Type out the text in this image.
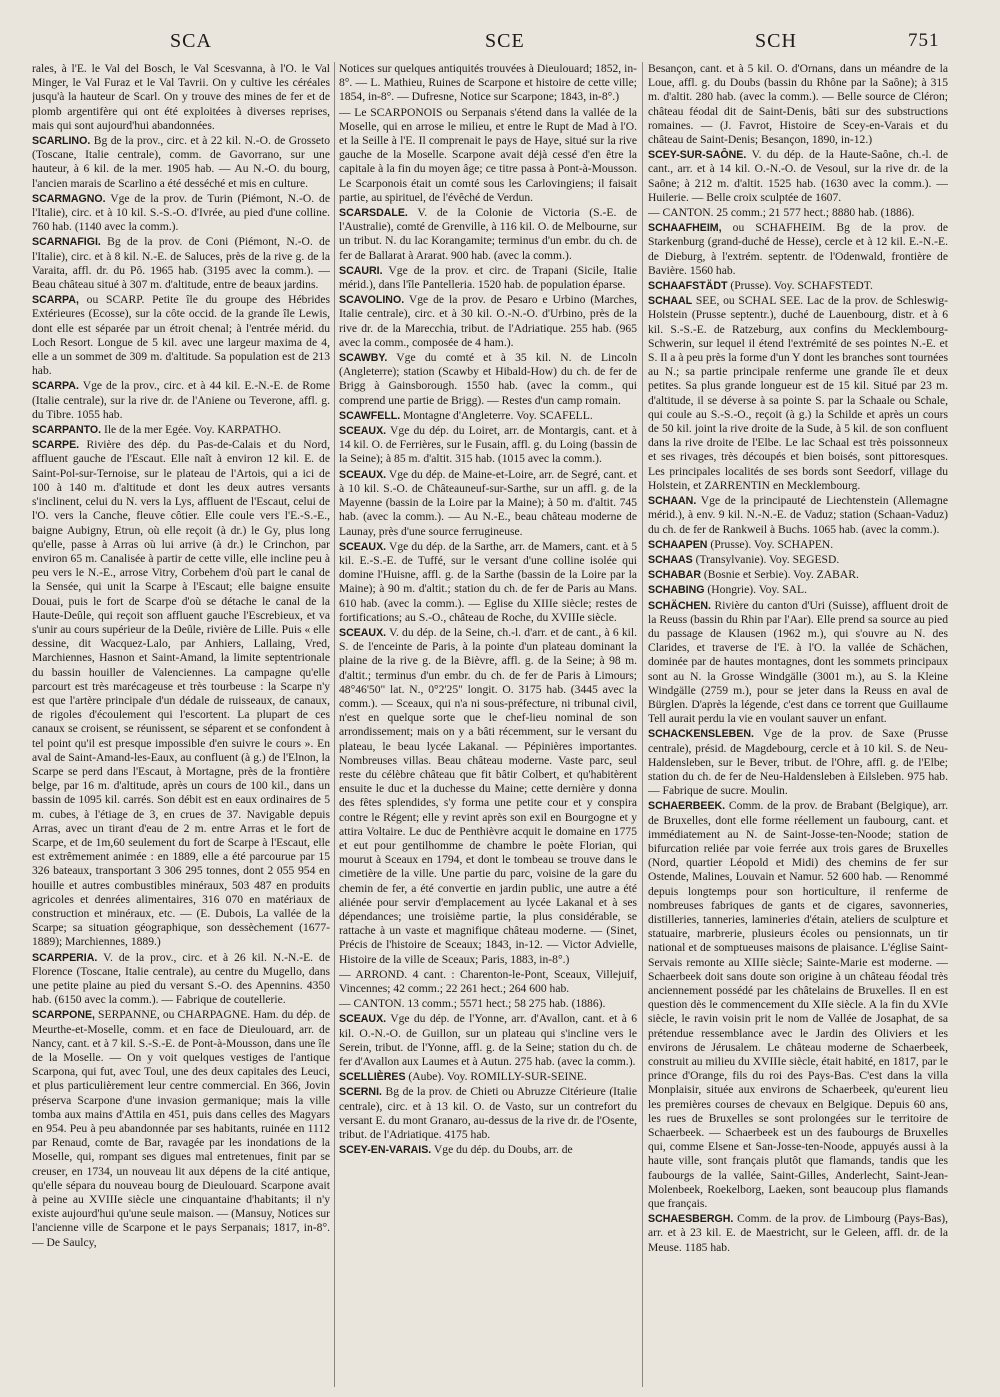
SCA	SCE	SCH	751

rales, à l'E. le Val del Bosch, le Val Scesvanna, à l'O. le Val Minger, le Val Furaz et le Val Tavrii. On y cultive les céréales jusqu'à la hauteur de Scarl. On y trouve des mines de fer et de plomb argentifère qui ont été exploitées à diverses reprises, mais qui sont aujourd'hui abandonnées.

SCARLINO. Bg de la prov., circ. et à 22 kil. N.-O. de Grosseto (Toscane, Italie centrale), comm. de Gavorrano, sur une hauteur, à 6 kil. de la mer. 1905 hab. — Au N.-O. du bourg, l'ancien marais de Scarlino a été desséché et mis en culture.

SCARMAGNO. Vge de la prov. de Turin (Piémont, N.-O. de l'Italie), circ. et à 10 kil. S.-S.-O. d'Ivrée, au pied d'une colline. 760 hab. (1140 avec la comm.).

SCARNAFIGI. Bg de la prov. de Coni (Piémont, N.-O. de l'Italie), circ. et à 8 kil. N.-E. de Saluces, près de la rive g. de la Varaita, affl. dr. du Pô. 1965 hab. (3195 avec la comm.). — Beau château situé à 307 m. d'altitude, entre de beaux jardins.

SCARPA, ou SCARP. Petite île du groupe des Hébrides Extérieures (Ecosse), sur la côte occid. de la grande île Lewis, dont elle est séparée par un étroit chenal; à l'entrée mérid. du Loch Resort. Longue de 5 kil. avec une largeur maxima de 4, elle a un sommet de 309 m. d'altitude. Sa population est de 213 hab.

SCARPA. Vge de la prov., circ. et à 44 kil. E.-N.-E. de Rome (Italie centrale), sur la rive dr. de l'Aniene ou Teverone, affl. g. du Tibre. 1055 hab.

SCARPANTO. Ile de la mer Egée. Voy. KARPATHO.

SCARPE. Rivière des dép. du Pas-de-Calais et du Nord, affluent gauche de l'Escaut. Elle naît à environ 12 kil. E. de Saint-Pol-sur-Ternoise, sur le plateau de l'Artois, qui a ici de 100 à 140 m. d'altitude et dont les deux autres versants s'inclinent, celui du N. vers la Lys, affluent de l'Escaut, celui de l'O. vers la Canche, fleuve côtier. Elle coule vers l'E.-S.-E., baigne Aubigny, Etrun, où elle reçoit (à dr.) le Gy, plus long qu'elle, passe à Arras où lui arrive (à dr.) le Crinchon, par environ 65 m. Canalisée à partir de cette ville, elle incline peu à peu vers le N.-E., arrose Vitry, Corbehem d'où part le canal de la Sensée, qui unit la Scarpe à l'Escaut; elle baigne ensuite Douai, puis le fort de Scarpe d'où se détache le canal de la Haute-Deûle, qui reçoit son affluent gauche l'Escrebieux, et va s'unir au cours supérieur de la Deûle, rivière de Lille. Puis « elle dessine, dit Wacquez-Lalo, par Anhiers, Lallaing, Vred, Marchiennes, Hasnon et Saint-Amand, la limite septentrionale du bassin houiller de Valenciennes. La campagne qu'elle parcourt est très marécageuse et très tourbeuse : la Scarpe n'y est que l'artère principale d'un dédale de ruisseaux, de canaux, de rigoles d'écoulement qui l'escortent. La plupart de ces canaux se croisent, se réunissent, se séparent et se confondent à tel point qu'il est presque impossible d'en suivre le cours ». En aval de Saint-Amand-les-Eaux, au confluent (à g.) de l'Elnon, la Scarpe se perd dans l'Escaut, à Mortagne, près de la frontière belge, par 16 m. d'altitude, après un cours de 100 kil., dans un bassin de 1095 kil. carrés. Son débit est en eaux ordinaires de 5 m. cubes, à l'étiage de 3, en crues de 37. Navigable depuis Arras, avec un tirant d'eau de 2 m. entre Arras et le fort de Scarpe, et de 1m,60 seulement du fort de Scarpe à l'Escaut, elle est extrêmement animée : en 1889, elle a été parcourue par 15 326 bateaux, transportant 3 306 295 tonnes, dont 2 055 954 en houille et autres combustibles minéraux, 503 487 en produits agricoles et denrées alimentaires, 316 070 en matériaux de construction et minéraux, etc. — (E. Dubois, La vallée de la Scarpe; sa situation géographique, son dessèchement (1677-1889); Marchiennes, 1889.)

SCARPERIA. V. de la prov., circ. et à 26 kil. N.-N.-E. de Florence (Toscane, Italie centrale), au centre du Mugello, dans une petite plaine au pied du versant S.-O. des Apennins. 4350 hab. (6150 avec la comm.). — Fabrique de coutellerie.

SCARPONE, SERPANNE, ou CHARPAGNE. Ham. du dép. de Meurthe-et-Moselle, comm. et en face de Dieulouard, arr. de Nancy, cant. et à 7 kil. S.-S.-E. de Pont-à-Mousson, dans une île de la Moselle. — On y voit quelques vestiges de l'antique Scarpona, qui fut, avec Toul, une des deux capitales des Leuci, et plus particulièrement leur centre commercial. En 366, Jovin préserva Scarpone d'une invasion germanique; mais la ville tomba aux mains d'Attila en 451, puis dans celles des Magyars en 954. Peu à peu abandonnée par ses habitants, ruinée en 1112 par Renaud, comte de Bar, ravagée par les inondations de la Moselle, qui, rompant ses digues mal entretenues, finit par se creuser, en 1734, un nouveau lit aux dépens de la cité antique, qu'elle sépara du nouveau bourg de Dieulouard. Scarpone avait à peine au XVIIIe siècle une cinquantaine d'habitants; il n'y existe aujourd'hui qu'une seule maison. — (Mansuy, Notices sur l'ancienne ville de Scarpone et le pays Serpanais; 1817, in-8°. — De Saulcy,

Notices sur quelques antiquités trouvées à Dieulouard; 1852, in-8°. — L. Mathieu, Ruines de Scarpone et histoire de cette ville; 1854, in-8°. — Dufresne, Notice sur Scarpone; 1843, in-8°.)

— Le SCARPONOIS ou Serpanais s'étend dans la vallée de la Moselle, qui en arrose le milieu, et entre le Rupt de Mad à l'O. et la Seille à l'E. Il comprenait le pays de Haye, situé sur la rive gauche de la Moselle. Scarpone avait déjà cessé d'en être la capitale à la fin du moyen âge; ce titre passa à Pont-à-Mousson. Le Scarponois était un comté sous les Carlovingiens; il faisait partie, au spirituel, de l'évêché de Verdun.

SCARSDALE. V. de la Colonie de Victoria (S.-E. de l'Australie), comté de Grenville, à 116 kil. O. de Melbourne, sur un tribut. N. du lac Korangamite; terminus d'un embr. du ch. de fer de Ballarat à Ararat. 900 hab. (avec la comm.).

SCAURI. Vge de la prov. et circ. de Trapani (Sicile, Italie mérid.), dans l'île Pantelleria. 1520 hab. de population éparse.

SCAVOLINO. Vge de la prov. de Pesaro e Urbino (Marches, Italie centrale), circ. et à 30 kil. O.-N.-O. d'Urbino, près de la rive dr. de la Marecchia, tribut. de l'Adriatique. 255 hab. (965 avec la comm., composée de 4 ham.).

SCAWBY. Vge du comté et à 35 kil. N. de Lincoln (Angleterre); station (Scawby et Hibald-How) du ch. de fer de Brigg à Gainsborough. 1550 hab. (avec la comm., qui comprend une partie de Brigg). — Restes d'un camp romain.

SCAWFELL. Montagne d'Angleterre. Voy. SCAFELL.

SCEAUX. Vge du dép. du Loiret, arr. de Montargis, cant. et à 14 kil. O. de Ferrières, sur le Fusain, affl. g. du Loing (bassin de la Seine); à 85 m. d'altit. 315 hab. (1015 avec la comm.).

SCEAUX. Vge du dép. de Maine-et-Loire, arr. de Segré, cant. et à 10 kil. S.-O. de Châteauneuf-sur-Sarthe, sur un affl. g. de la Mayenne (bassin de la Loire par la Maine); à 50 m. d'altit. 745 hab. (avec la comm.). — Au N.-E., beau château moderne de Launay, près d'une source ferrugineuse.

SCEAUX. Vge du dép. de la Sarthe, arr. de Mamers, cant. et à 5 kil. E.-S.-E. de Tuffé, sur le versant d'une colline isolée qui domine l'Huisne, affl. g. de la Sarthe (bassin de la Loire par la Maine); à 90 m. d'altit.; station du ch. de fer de Paris au Mans. 610 hab. (avec la comm.). — Eglise du XIIIe siècle; restes de fortifications; au S.-O., château de Roche, du XVIIIe siècle.

SCEAUX. V. du dép. de la Seine, ch.-l. d'arr. et de cant., à 6 kil. S. de l'enceinte de Paris, à la pointe d'un plateau dominant la plaine de la rive g. de la Bièvre, affl. g. de la Seine; à 98 m. d'altit.; terminus d'un embr. du ch. de fer de Paris à Limours; 48°46'50" lat. N., 0°2'25" longit. O. 3175 hab. (3445 avec la comm.). — Sceaux, qui n'a ni sous-préfecture, ni tribunal civil, n'est en quelque sorte que le chef-lieu nominal de son arrondissement; mais on y a bâti récemment, sur le versant du plateau, le beau lycée Lakanal. — Pépinières importantes. Nombreuses villas. Beau château moderne. Vaste parc, seul reste du célèbre château que fit bâtir Colbert, et qu'habitèrent ensuite le duc et la duchesse du Maine; cette dernière y donna des fêtes splendides, s'y forma une petite cour et y conspira contre le Régent; elle y revint après son exil en Bourgogne et y attira Voltaire. Le duc de Penthièvre acquit le domaine en 1775 et eut pour gentilhomme de chambre le poète Florian, qui mourut à Sceaux en 1794, et dont le tombeau se trouve dans le cimetière de la ville. Une partie du parc, voisine de la gare du chemin de fer, a été convertie en jardin public, une autre a été aliénée pour servir d'emplacement au lycée Lakanal et à ses dépendances; une troisième partie, la plus considérable, se rattache à un vaste et magnifique château moderne. — (Sinet, Précis de l'histoire de Sceaux; 1843, in-12. — Victor Advielle, Histoire de la ville de Sceaux; Paris, 1883, in-8°.)

— ARROND. 4 cant. : Charenton-le-Pont, Sceaux, Villejuif, Vincennes; 42 comm.; 22 261 hect.; 264 600 hab.

— CANTON. 13 comm.; 5571 hect.; 58 275 hab. (1886).

SCEAUX. Vge du dép. de l'Yonne, arr. d'Avallon, cant. et à 6 kil. O.-N.-O. de Guillon, sur un plateau qui s'incline vers le Serein, tribut. de l'Yonne, affl. g. de la Seine; station du ch. de fer d'Avallon aux Laumes et à Autun. 275 hab. (avec la comm.).

SCELLIÈRES (Aube). Voy. ROMILLY-SUR-SEINE.

SCERNI. Bg de la prov. de Chieti ou Abruzze Citérieure (Italie centrale), circ. et à 13 kil. O. de Vasto, sur un contrefort du versant E. du mont Granaro, au-dessus de la rive dr. de l'Osente, tribut. de l'Adriatique. 4175 hab.

SCEY-EN-VARAIS. Vge du dép. du Doubs, arr. de

Besançon, cant. et à 5 kil. O. d'Ornans, dans un méandre de la Loue, affl. g. du Doubs (bassin du Rhône par la Saône); à 315 m. d'altit. 280 hab. (avec la comm.). — Belle source de Cléron; château féodal dit de Saint-Denis, bâti sur des substructions romaines. — (J. Favrot, Histoire de Scey-en-Varais et du château de Saint-Denis; Besançon, 1890, in-12.)

SCEY-SUR-SAÔNE. V. du dép. de la Haute-Saône, ch.-l. de cant., arr. et à 14 kil. O.-N.-O. de Vesoul, sur la rive dr. de la Saône; à 212 m. d'altit. 1525 hab. (1630 avec la comm.). — Huilerie. — Belle croix sculptée de 1607.

— CANTON. 25 comm.; 21 577 hect.; 8880 hab. (1886).

SCHAAFHEIM, ou SCHAFHEIM. Bg de la prov. de Starkenburg (grand-duché de Hesse), cercle et à 12 kil. E.-N.-E. de Dieburg, à l'extrém. septentr. de l'Odenwald, frontière de Bavière. 1560 hab.

SCHAAFSTÄDT (Prusse). Voy. SCHAFSTEDT.

SCHAAL SEE, ou SCHAL SEE. Lac de la prov. de Schleswig-Holstein (Prusse septentr.), duché de Lauenbourg, distr. et à 6 kil. S.-S.-E. de Ratzeburg, aux confins du Mecklembourg-Schwerin, sur lequel il étend l'extrémité de ses pointes N.-E. et S. Il a à peu près la forme d'un Y dont les branches sont tournées au N.; sa partie principale renferme une grande île et deux petites. Sa plus grande longueur est de 15 kil. Situé par 23 m. d'altitude, il se déverse à sa pointe S. par la Schaale ou Schale, qui coule au S.-S.-O., reçoit (à g.) la Schilde et après un cours de 50 kil. joint la rive droite de la Sude, à 5 kil. de son confluent dans la rive droite de l'Elbe. Le lac Schaal est très poissonneux et ses rivages, très découpés et bien boisés, sont pittoresques. Les principales localités de ses bords sont Seedorf, village du Holstein, et ZARRENTIN en Mecklembourg.

SCHAAN. Vge de la principauté de Liechtenstein (Allemagne mérid.), à env. 9 kil. N.-N.-E. de Vaduz; station (Schaan-Vaduz) du ch. de fer de Rankweil à Buchs. 1065 hab. (avec la comm.).

SCHAAPEN (Prusse). Voy. SCHAPEN.

SCHAAS (Transylvanie). Voy. SEGESD.

SCHABAR (Bosnie et Serbie). Voy. ZABAR.

SCHABING (Hongrie). Voy. SAL.

SCHÄCHEN. Rivière du canton d'Uri (Suisse), affluent droit de la Reuss (bassin du Rhin par l'Aar). Elle prend sa source au pied du passage de Klausen (1962 m.), qui s'ouvre au N. des Clarides, et traverse de l'E. à l'O. la vallée de Schächen, dominée par de hautes montagnes, dont les sommets principaux sont au N. la Grosse Windgälle (3001 m.), au S. la Kleine Windgälle (2759 m.), pour se jeter dans la Reuss en aval de Bürglen. D'après la légende, c'est dans ce torrent que Guillaume Tell aurait perdu la vie en voulant sauver un enfant.

SCHACKENSLEBEN. Vge de la prov. de Saxe (Prusse centrale), présid. de Magdebourg, cercle et à 10 kil. S. de Neu-Haldensleben, sur le Bever, tribut. de l'Ohre, affl. g. de l'Elbe; station du ch. de fer de Neu-Haldensleben à Eilsleben. 975 hab. — Fabrique de sucre. Moulin.

SCHAERBEEK. Comm. de la prov. de Brabant (Belgique), arr. de Bruxelles, dont elle forme réellement un faubourg, cant. et immédiatement au N. de Saint-Josse-ten-Noode; station de bifurcation reliée par voie ferrée aux trois gares de Bruxelles (Nord, quartier Léopold et Midi) des chemins de fer sur Ostende, Malines, Louvain et Namur. 52 600 hab. — Renommé depuis longtemps pour son horticulture, il renferme de nombreuses fabriques de gants et de cigares, savonneries, distilleries, tanneries, lamineries d'étain, ateliers de sculpture et statuaire, marbrerie, plusieurs écoles ou pensionnats, un tir national et de somptueuses maisons de plaisance. L'église Saint-Servais remonte au XIIIe siècle; Sainte-Marie est moderne. — Schaerbeek doit sans doute son origine à un château féodal très anciennement possédé par les châtelains de Bruxelles. Il en est question dès le commencement du XIIe siècle. A la fin du XVIe siècle, le ravin voisin prit le nom de Vallée de Josaphat, de sa prétendue ressemblance avec le Jardin des Oliviers et les environs de Jérusalem. Le château moderne de Schaerbeek, construit au milieu du XVIIIe siècle, était habité, en 1817, par le prince d'Orange, fils du roi des Pays-Bas. C'est dans la villa Monplaisir, située aux environs de Schaerbeek, qu'eurent lieu les premières courses de chevaux en Belgique. Depuis 60 ans, les rues de Bruxelles se sont prolongées sur le territoire de Schaerbeek. — Schaerbeek est un des faubourgs de Bruxelles qui, comme Elsene et San-Josse-ten-Noode, appuyés aussi à la haute ville, sont français plutôt que flamands, tandis que les faubourgs de la vallée, Saint-Gilles, Anderlecht, Saint-Jean-Molenbeek, Roekelborg, Laeken, sont beaucoup plus flamands que français.

SCHAESBERGH. Comm. de la prov. de Limbourg (Pays-Bas), arr. et à 23 kil. E. de Maestricht, sur le Geleen, affl. dr. de la Meuse. 1185 hab.
